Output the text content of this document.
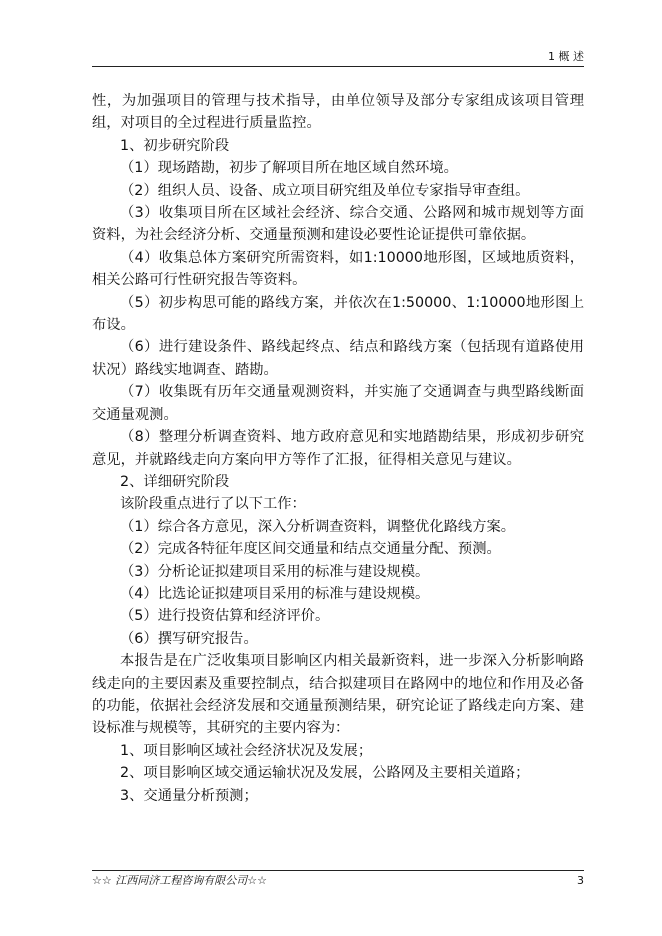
1 概 述

性，为加强项目的管理与技术指导，由单位领导及部分专家组成该项目管理组，对项目的全过程进行质量监控。

1、初步研究阶段

（1）现场踏勘，初步了解项目所在地区域自然环境。

（2）组织人员、设备、成立项目研究组及单位专家指导审查组。

（3）收集项目所在区域社会经济、综合交通、公路网和城市规划等方面资料，为社会经济分析、交通量预测和建设必要性论证提供可靠依据。

（4）收集总体方案研究所需资料，如1:10000地形图，区域地质资料，相关公路可行性研究报告等资料。

（5）初步构思可能的路线方案，并依次在1:50000、1:10000地形图上布设。

（6）进行建设条件、路线起终点、结点和路线方案（包括现有道路使用状况）路线实地调查、踏勘。

（7）收集既有历年交通量观测资料，并实施了交通调查与典型路线断面交通量观测。

（8）整理分析调查资料、地方政府意见和实地踏勘结果，形成初步研究意见，并就路线走向方案向甲方等作了汇报，征得相关意见与建议。

2、详细研究阶段

该阶段重点进行了以下工作：

（1）综合各方意见，深入分析调查资料，调整优化路线方案。

（2）完成各特征年度区间交通量和结点交通量分配、预测。

（3）分析论证拟建项目采用的标准与建设规模。

（4）比选论证拟建项目采用的标准与建设规模。

（5）进行投资估算和经济评价。

（6）撰写研究报告。

本报告是在广泛收集项目影响区内相关最新资料，进一步深入分析影响路线走向的主要因素及重要控制点，结合拟建项目在路网中的地位和作用及必备的功能，依据社会经济发展和交通量预测结果，研究论证了路线走向方案、建设标准与规模等，其研究的主要内容为：

1、项目影响区域社会经济状况及发展；

2、项目影响区域交通运输状况及发展，公路网及主要相关道路；

3、交通量分析预测；

☆☆ 江西同济工程咨询有限公司☆☆	3
